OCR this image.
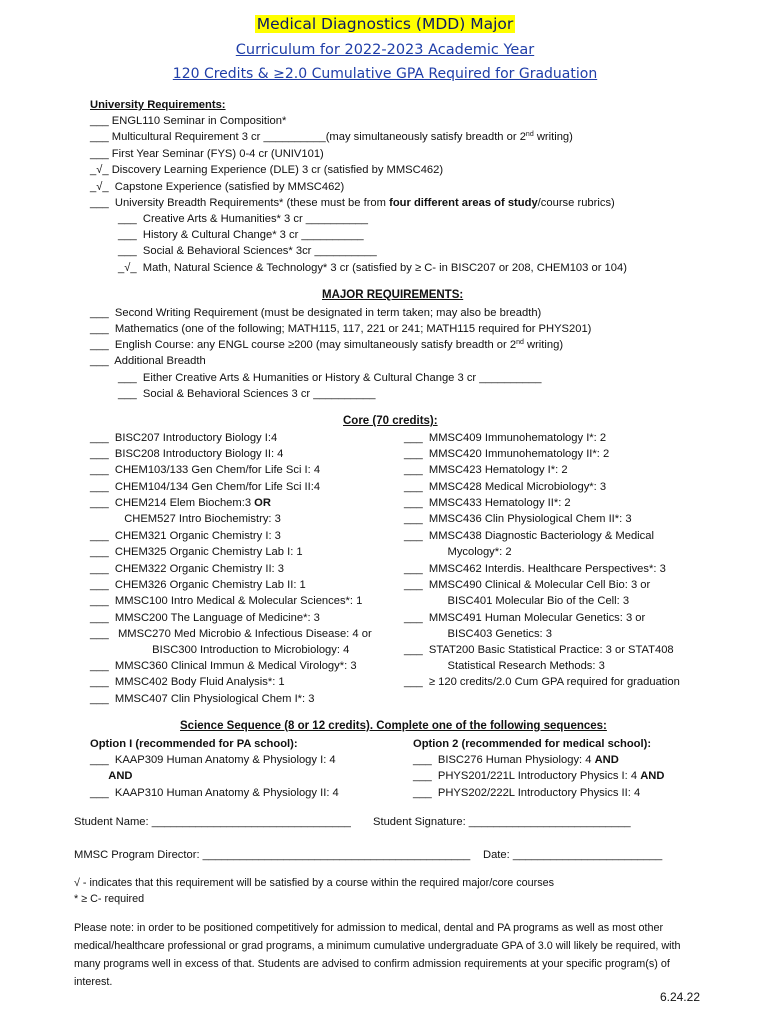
Medical Diagnostics (MDD) Major
Curriculum for 2022-2023 Academic Year
120 Credits & ≥2.0 Cumulative GPA Required for Graduation
University Requirements:
___ ENGL110 Seminar in Composition*
___ Multicultural Requirement 3 cr __________(may simultaneously satisfy breadth or 2nd writing)
___ First Year Seminar (FYS) 0-4 cr (UNIV101)
_√_ Discovery Learning Experience (DLE) 3 cr (satisfied by MMSC462)
_√_  Capstone Experience (satisfied by MMSC462)
___  University Breadth Requirements* (these must be from four different areas of study/course rubrics)
___  Creative Arts & Humanities* 3 cr __________
___  History & Cultural Change* 3 cr __________
___  Social & Behavioral Sciences* 3cr __________
_√_  Math, Natural Science & Technology* 3 cr (satisfied by ≥ C- in BISC207 or 208, CHEM103 or 104)
MAJOR REQUIREMENTS:
___  Second Writing Requirement (must be designated in term taken; may also be breadth)
___  Mathematics (one of the following; MATH115, 117, 221 or 241; MATH115 required for PHYS201)
___  English Course: any ENGL course ≥200 (may simultaneously satisfy breadth or 2nd writing)
___  Additional Breadth
___  Either Creative Arts & Humanities or History & Cultural Change 3 cr __________
___  Social & Behavioral Sciences 3 cr __________
Core (70 credits):
___  BISC207 Introductory Biology I:4
___  BISC208 Introductory Biology II: 4
___  CHEM103/133 Gen Chem/for Life Sci I: 4
___  CHEM104/134 Gen Chem/for Life Sci II:4
___  CHEM214 Elem Biochem:3 OR
CHEM527 Intro Biochemistry: 3
___  CHEM321 Organic Chemistry I: 3
___  CHEM325 Organic Chemistry Lab I: 1
___  CHEM322 Organic Chemistry II: 3
___  CHEM326 Organic Chemistry Lab II: 1
___  MMSC100 Intro Medical & Molecular Sciences*: 1
___  MMSC200 The Language of Medicine*: 3
___   MMSC270 Med Microbio & Infectious Disease: 4 or
BISC300 Introduction to Microbiology: 4
___  MMSC360 Clinical Immun & Medical Virology*: 3
___  MMSC402 Body Fluid Analysis*: 1
___  MMSC407 Clin Physiological Chem I*: 3
___  MMSC409 Immunohematology I*: 2
___  MMSC420 Immunohematology II*: 2
___  MMSC423 Hematology I*: 2
___  MMSC428 Medical Microbiology*: 3
___  MMSC433 Hematology II*: 2
___  MMSC436 Clin Physiological Chem II*: 3
___  MMSC438 Diagnostic Bacteriology & Medical
Mycology*: 2
___  MMSC462 Interdis. Healthcare Perspectives*: 3
___  MMSC490 Clinical & Molecular Cell Bio: 3 or
BISC401 Molecular Bio of the Cell: 3
___  MMSC491 Human Molecular Genetics: 3 or
BISC403 Genetics: 3
___  STAT200 Basic Statistical Practice: 3 or STAT408
Statistical Research Methods: 3
___  ≥ 120 credits/2.0 Cum GPA required for graduation
Science Sequence (8 or 12 credits). Complete one of the following sequences:
Option I (recommended for PA school):
___  KAAP309 Human Anatomy & Physiology I: 4
AND
___  KAAP310 Human Anatomy & Physiology II: 4
Option 2 (recommended for medical school):
___  BISC276 Human Physiology: 4 AND
___  PHYS201/221L Introductory Physics I: 4 AND
___  PHYS202/222L Introductory Physics II: 4
Student Name: ________________________________ Student Signature: __________________________
MMSC Program Director: ___________________________________________ Date: ________________________
√ - indicates that this requirement will be satisfied by a course within the required major/core courses
* ≥ C- required
Please note: in order to be positioned competitively for admission to medical, dental and PA programs as well as most other medical/healthcare professional or grad programs, a minimum cumulative undergraduate GPA of 3.0 will likely be required, with many programs well in excess of that. Students are advised to confirm admission requirements at your specific program(s) of interest.
6.24.22
